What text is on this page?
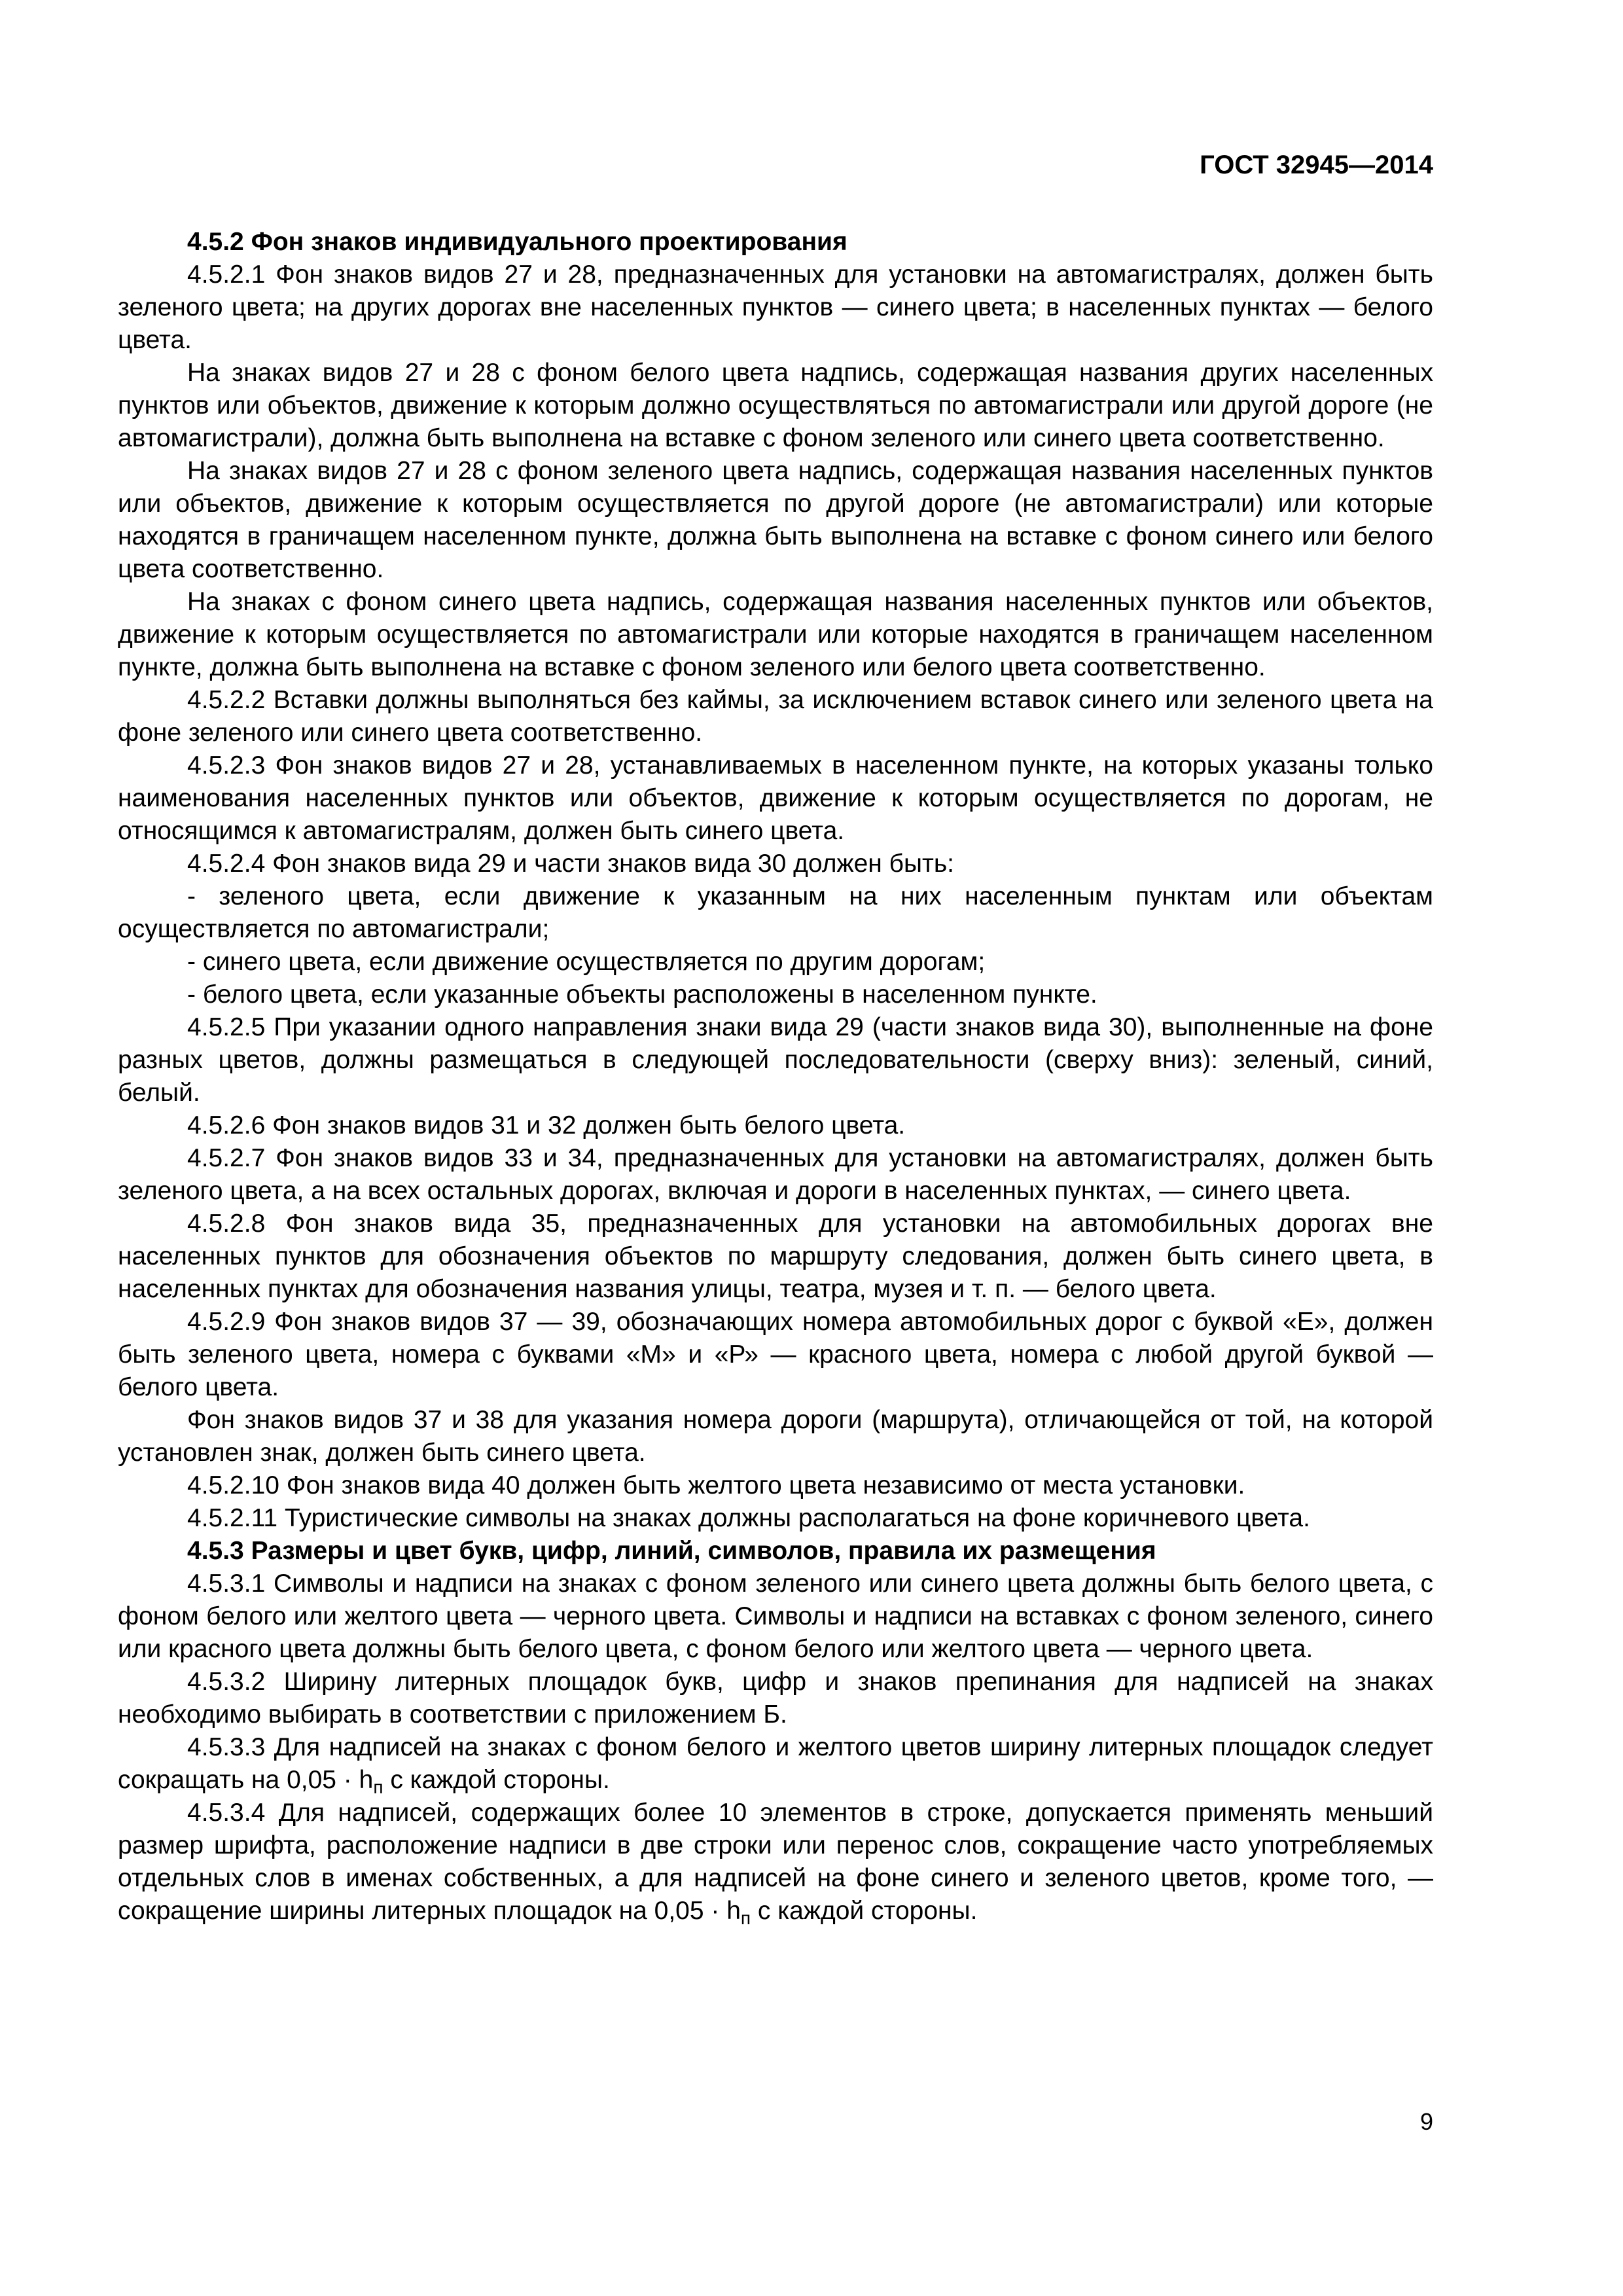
ГОСТ 32945—2014

4.5.2 Фон знаков индивидуального проектирования

4.5.2.1 Фон знаков видов 27 и 28, предназначенных для установки на автомагистралях, должен быть зеленого цвета; на других дорогах вне населенных пунктов — синего цвета; в населенных пунктах — белого цвета.

На знаках видов 27 и 28 с фоном белого цвета надпись, содержащая названия других населенных пунктов или объектов, движение к которым должно осуществляться по автомагистрали или другой дороге (не автомагистрали), должна быть выполнена на вставке с фоном зеленого или синего цвета соответственно.

На знаках видов 27 и 28 с фоном зеленого цвета надпись, содержащая названия населенных пунктов или объектов, движение к которым осуществляется по другой дороге (не автомагистрали) или которые находятся в граничащем населенном пункте, должна быть выполнена на вставке с фоном синего или белого цвета соответственно.

На знаках с фоном синего цвета надпись, содержащая названия населенных пунктов или объектов, движение к которым осуществляется по автомагистрали или которые находятся в граничащем населенном пункте, должна быть выполнена на вставке с фоном зеленого или белого цвета соответственно.

4.5.2.2 Вставки должны выполняться без каймы, за исключением вставок синего или зеленого цвета на фоне зеленого или синего цвета соответственно.

4.5.2.3 Фон знаков видов 27 и 28, устанавливаемых в населенном пункте, на которых указаны только наименования населенных пунктов или объектов, движение к которым осуществляется по дорогам, не относящимся к автомагистралям, должен быть синего цвета.

4.5.2.4 Фон знаков вида 29 и части знаков вида 30 должен быть:

- зеленого цвета, если движение к указанным на них населенным пунктам или объектам осуществляется по автомагистрали;

- синего цвета, если движение осуществляется по другим дорогам;

- белого цвета, если указанные объекты расположены в населенном пункте.

4.5.2.5 При указании одного направления знаки вида 29 (части знаков вида 30), выполненные на фоне разных цветов, должны размещаться в следующей последовательности (сверху вниз): зеленый, синий, белый.

4.5.2.6 Фон знаков видов 31 и 32 должен быть белого цвета.

4.5.2.7 Фон знаков видов 33 и 34, предназначенных для установки на автомагистралях, должен быть зеленого цвета, а на всех остальных дорогах, включая и дороги в населенных пунктах, — синего цвета.

4.5.2.8 Фон знаков вида 35, предназначенных для установки на автомобильных дорогах вне населенных пунктов для обозначения объектов по маршруту следования, должен быть синего цвета, в населенных пунктах для обозначения названия улицы, театра, музея и т. п. — белого цвета.

4.5.2.9 Фон знаков видов 37 — 39, обозначающих номера автомобильных дорог с буквой «Е», должен быть зеленого цвета, номера с буквами «М» и «Р» — красного цвета, номера с любой другой буквой — белого цвета.

Фон знаков видов 37 и 38 для указания номера дороги (маршрута), отличающейся от той, на которой установлен знак, должен быть синего цвета.

4.5.2.10 Фон знаков вида 40 должен быть желтого цвета независимо от места установки.

4.5.2.11 Туристические символы на знаках должны располагаться на фоне коричневого цвета.

4.5.3 Размеры и цвет букв, цифр, линий, символов, правила их размещения

4.5.3.1 Символы и надписи на знаках с фоном зеленого или синего цвета должны быть белого цвета, с фоном белого или желтого цвета — черного цвета. Символы и надписи на вставках с фоном зеленого, синего или красного цвета должны быть белого цвета, с фоном белого или желтого цвета — черного цвета.

4.5.3.2 Ширину литерных площадок букв, цифр и знаков препинания для надписей на знаках необходимо выбирать в соответствии с приложением Б.

4.5.3.3 Для надписей на знаках с фоном белого и желтого цветов ширину литерных площадок следует сокращать на $0,05 \cdot h_п$ с каждой стороны.

4.5.3.4 Для надписей, содержащих более 10 элементов в строке, допускается применять меньший размер шрифта, расположение надписи в две строки или перенос слов, сокращение часто употребляемых отдельных слов в именах собственных, а для надписей на фоне синего и зеленого цветов, кроме того, — сокращение ширины литерных площадок на $0,05 \cdot h_п$ с каждой стороны.

9
